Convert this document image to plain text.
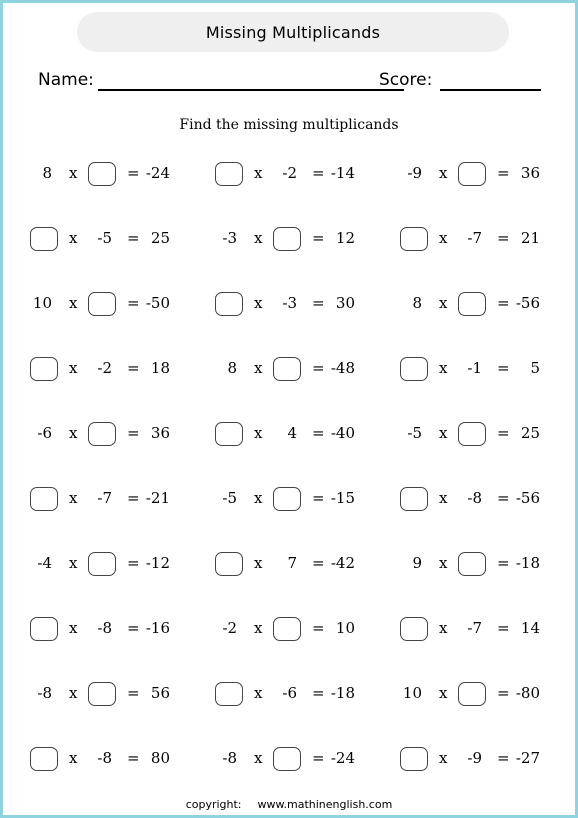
Missing Multiplicands
Name:	Score:
Find the missing multiplicands
8 x	= -24	x	-2 = -14	-9 x	= 36
x	-5 = 25	-3 x	= 12	x	-7 = 21
10 x	= -50	x	-3 = 30	8 x	= -56
x	-2 = 18	8 x	= -48	x	-1 =	5
-6 x	= 36	x	4 = -40	-5 x	= 25
x	-7 = -21	-5 x	= -15	x	-8 = -56
-4 x	= -12	x	7 = -42	9 x	= -18
x	-8 = -16	-2 x	= 10	x	-7 = 14
-8 x	= 56	x	-6 = -18	10 x	= -80
x	-8 = 80	-8 x	= -24	x	-9 = -27
copyright: www.mathinenglish.com
